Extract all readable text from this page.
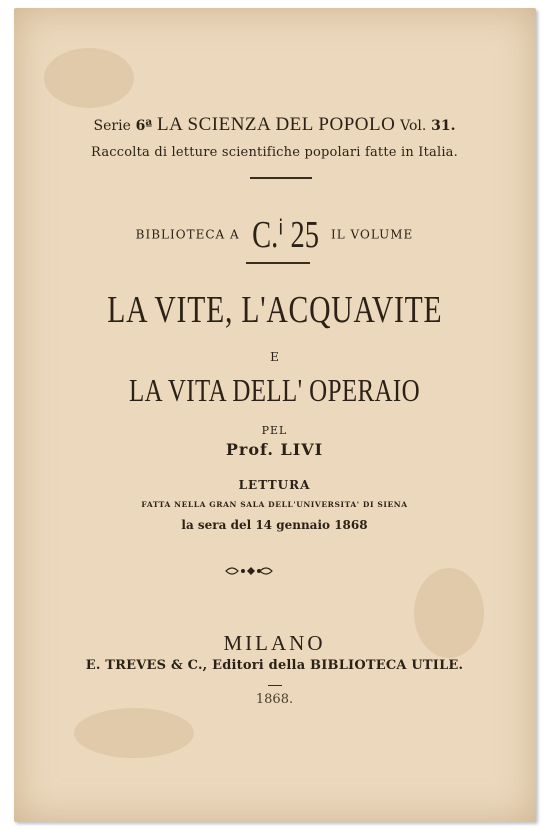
Serie 6ª LA SCIENZA DEL POPOLO Vol. 31.
Raccolta di letture scientifiche popolari fatte in Italia.
BIBLIOTECA A C.ⁱ 25 IL VOLUME
LA VITE, L'ACQUAVITE
E
LA VITA DELL' OPERAIO
PEL
Prof. LIVI
LETTURA
FATTA NELLA GRAN SALA DELL'UNIVERSITA' DI SIENA
la sera del 14 gennaio 1868
MILANO
E. TREVES & C., Editori della BIBLIOTECA UTILE.
1868.
